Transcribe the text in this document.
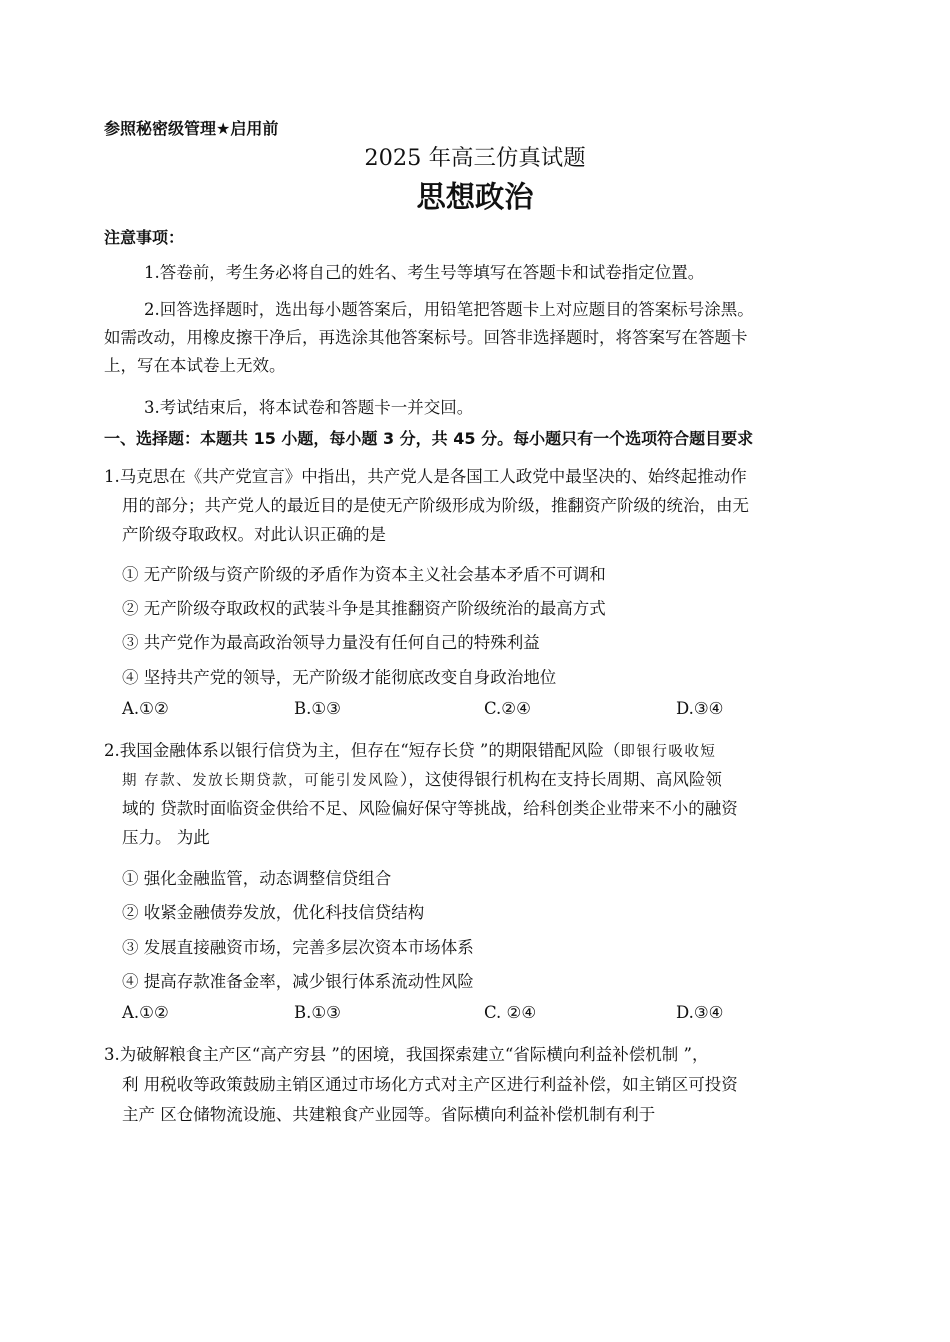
参照秘密级管理★启用前
2025 年高三仿真试题
思想政治
注意事项：
1.答卷前，考生务必将自己的姓名、考生号等填写在答题卡和试卷指定位置。
2.回答选择题时，选出每小题答案后，用铅笔把答题卡上对应题目的答案标号涂黑。
如需改动，用橡皮擦干净后，再选涂其他答案标号。回答非选择题时，将答案写在答题卡
上，写在本试卷上无效。
3.考试结束后，将本试卷和答题卡一并交回。
一、选择题：本题共 15 小题，每小题 3 分，共 45 分。每小题只有一个选项符合题目要求
1.马克思在《共产党宣言》中指出，共产党人是各国工人政党中最坚决的、始终起推动作
用的部分；共产党人的最近目的是使无产阶级形成为阶级，推翻资产阶级的统治，由无
产阶级夺取政权。对此认识正确的是
① 无产阶级与资产阶级的矛盾作为资本主义社会基本矛盾不可调和
② 无产阶级夺取政权的武装斗争是其推翻资产阶级统治的最高方式
③ 共产党作为最高政治领导力量没有任何自己的特殊利益
④ 坚持共产党的领导，无产阶级才能彻底改变自身政治地位
A.①②	B.①③	C.②④	D.③④
2.我国金融体系以银行信贷为主，但存在“短存长贷 ”的期限错配风险（即银行吸收短
期 存款、发放长期贷款，可能引发风险），这使得银行机构在支持长周期、高风险领
域的 贷款时面临资金供给不足、风险偏好保守等挑战，给科创类企业带来不小的融资
压力。 为此
① 强化金融监管，动态调整信贷组合
② 收紧金融债券发放，优化科技信贷结构
③ 发展直接融资市场，完善多层次资本市场体系
④ 提高存款准备金率，减少银行体系流动性风险
A.①②	B.①③	C. ②④	D.③④
3.为破解粮食主产区“高产穷县 ”的困境，我国探索建立“省际横向利益补偿机制 ”，
利 用税收等政策鼓励主销区通过市场化方式对主产区进行利益补偿，如主销区可投资
主产 区仓储物流设施、共建粮食产业园等。省际横向利益补偿机制有利于
